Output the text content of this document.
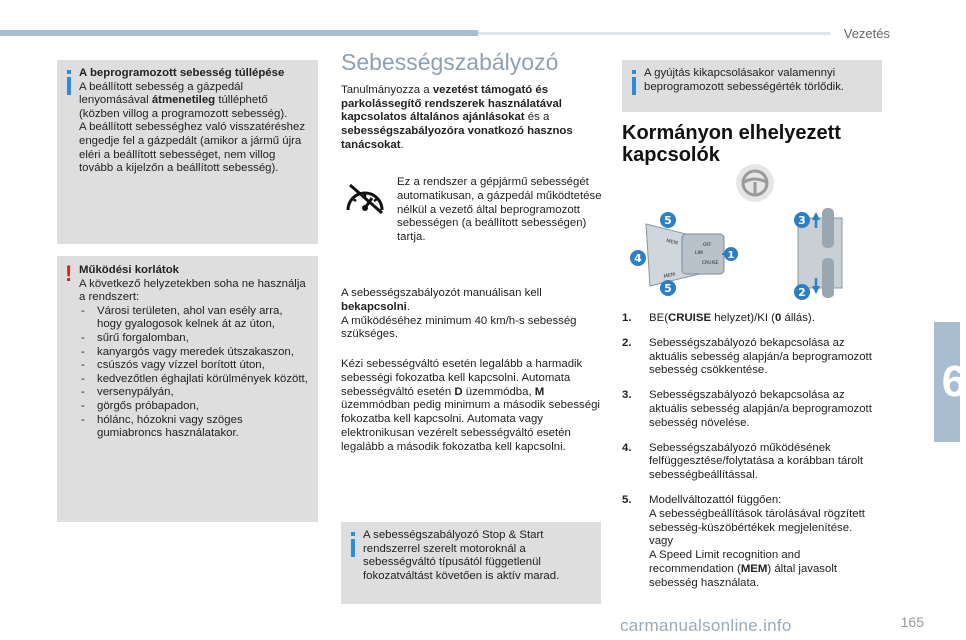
Vezetés
6
A beprogramozott sebesség túllépése
A beállított sebesség a gázpedál lenyomásával átmenetileg túlléphető (közben villog a programozott sebesség).
A beállított sebességhez való visszatéréshez engedje fel a gázpedált (amikor a jármű újra eléri a beállított sebességet, nem villog tovább a kijelzőn a beállított sebesség).
! Működési korlátok
A következő helyzetekben soha ne használja a rendszert:
- Városi területen, ahol van esély arra, hogy gyalogosok kelnek át az úton,
- sűrű forgalomban,
- kanyargós vagy meredek útszakaszon,
- csúszós vagy vízzel borított úton,
- kedvezőtlen éghajlati körülmények között,
- versenypályán,
- görgős próbapadon,
- hólánc, hózokni vagy szöges gumiabroncs használatakor.
Sebességszabályozó
Tanulmányozza a vezetést támogató és parkolássegítő rendszerek használatával kapcsolatos általános ajánlásokat és a sebességszabályozóra vonatkozó hasznos tanácsokat.
Ez a rendszer a gépjármű sebességét automatikusan, a gázpedál működtetése nélkül a vezető által beprogramozott sebességen (a beállított sebességen) tartja.
A sebességszabályozót manuálisan kell bekapcsolni.
A működéséhez minimum 40 km/h-s sebesség szükséges.
Kézi sebességváltó esetén legalább a harmadik sebességi fokozatba kell kapcsolni. Automata sebességváltó esetén D üzemmódba, M üzemmódban pedig minimum a második sebességi fokozatba kell kapcsolni. Automata vagy elektronikusan vezérelt sebességváltó esetén legalább a második fokozatba kell kapcsolni.
A sebességszabályozó Stop & Start rendszerrel szerelt motoroknál a sebességváltó típusától függetlenül fokozatváltást követően is aktív marad.
A gyújtás kikapcsolásakor valamennyi beprogramozott sebességérték törlődik.
Kormányon elhelyezett kapcsolók
MEM
MEM
OFF
LIM
CRUISE
5
4
5
1
3
2
1. BE(CRUISE helyzet)/KI (0 állás).
2. Sebességszabályozó bekapcsolása az aktuális sebesség alapján/a beprogramozott sebesség csökkentése.
3. Sebességszabályozó bekapcsolása az aktuális sebesség alapján/a beprogramozott sebesség növelése.
4. Sebességszabályozó működésének felfüggesztése/folytatása a korábban tárolt sebességbeállítással.
5. Modellváltozattól függően:
A sebességbeállítások tárolásával rögzített sebesség-küszöbértékek megjelenítése.
vagy
A Speed Limit recognition and recommendation (MEM) által javasolt sebesség használata.
carmanualsonline.info	165
